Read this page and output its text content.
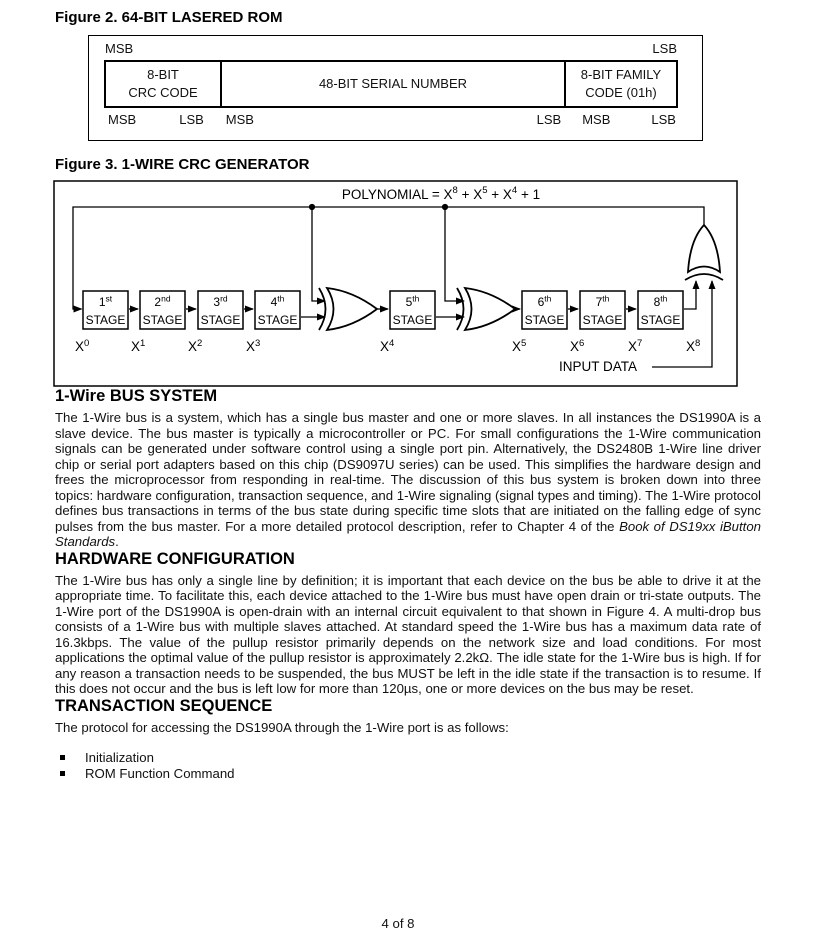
Figure 2. 64-BIT LASERED ROM
MSB	LSB
8-BIT
CRC CODE
48-BIT SERIAL NUMBER
8-BIT FAMILY
CODE (01h)
MSB	LSB MSB	LSB MSB	LSB
Figure 3. 1-WIRE CRC GENERATOR
POLYNOMIAL = $X^8 + X^5 + X^4 + 1$
1st
STAGE
2nd
STAGE
3rd
STAGE
4th
STAGE
5th
STAGE
6th
STAGE
7th
STAGE
8th
STAGE
$X^0$	$X^1$	$X^2$	$X^3$	$X^4$	$X^5$	$X^6$	$X^7$	$X^8$
INPUT DATA
1-Wire BUS SYSTEM

The 1-Wire bus is a system, which has a single bus master and one or more slaves. In all instances the DS1990A is a slave device. The bus master is typically a microcontroller or PC. For small configurations the 1-Wire communication signals can be generated under software control using a single port pin. Alternatively, the DS2480B 1-Wire line driver chip or serial port adapters based on this chip (DS9097U series) can be used. This simplifies the hardware design and frees the microprocessor from responding in real-time. The discussion of this bus system is broken down into three topics: hardware configuration, transaction sequence, and 1-Wire signaling (signal types and timing). The 1-Wire protocol defines bus transactions in terms of the bus state during specific time slots that are initiated on the falling edge of sync pulses from the bus master. For a more detailed protocol description, refer to Chapter 4 of the Book of DS19xx iButton Standards.

HARDWARE CONFIGURATION

The 1-Wire bus has only a single line by definition; it is important that each device on the bus be able to drive it at the appropriate time. To facilitate this, each device attached to the 1-Wire bus must have open drain or tri-state outputs. The 1-Wire port of the DS1990A is open-drain with an internal circuit equivalent to that shown in Figure 4. A multi-drop bus consists of a 1-Wire bus with multiple slaves attached. At standard speed the 1-Wire bus has a maximum data rate of 16.3kbps. The value of the pullup resistor primarily depends on the network size and load conditions. For most applications the optimal value of the pullup resistor is approximately 2.2kΩ. The idle state for the 1-Wire bus is high. If for any reason a transaction needs to be suspended, the bus MUST be left in the idle state if the transaction is to resume. If this does not occur and the bus is left low for more than 120µs, one or more devices on the bus may be reset.

TRANSACTION SEQUENCE

The protocol for accessing the DS1990A through the 1-Wire port is as follows:

Initialization
ROM Function Command
4 of 8
